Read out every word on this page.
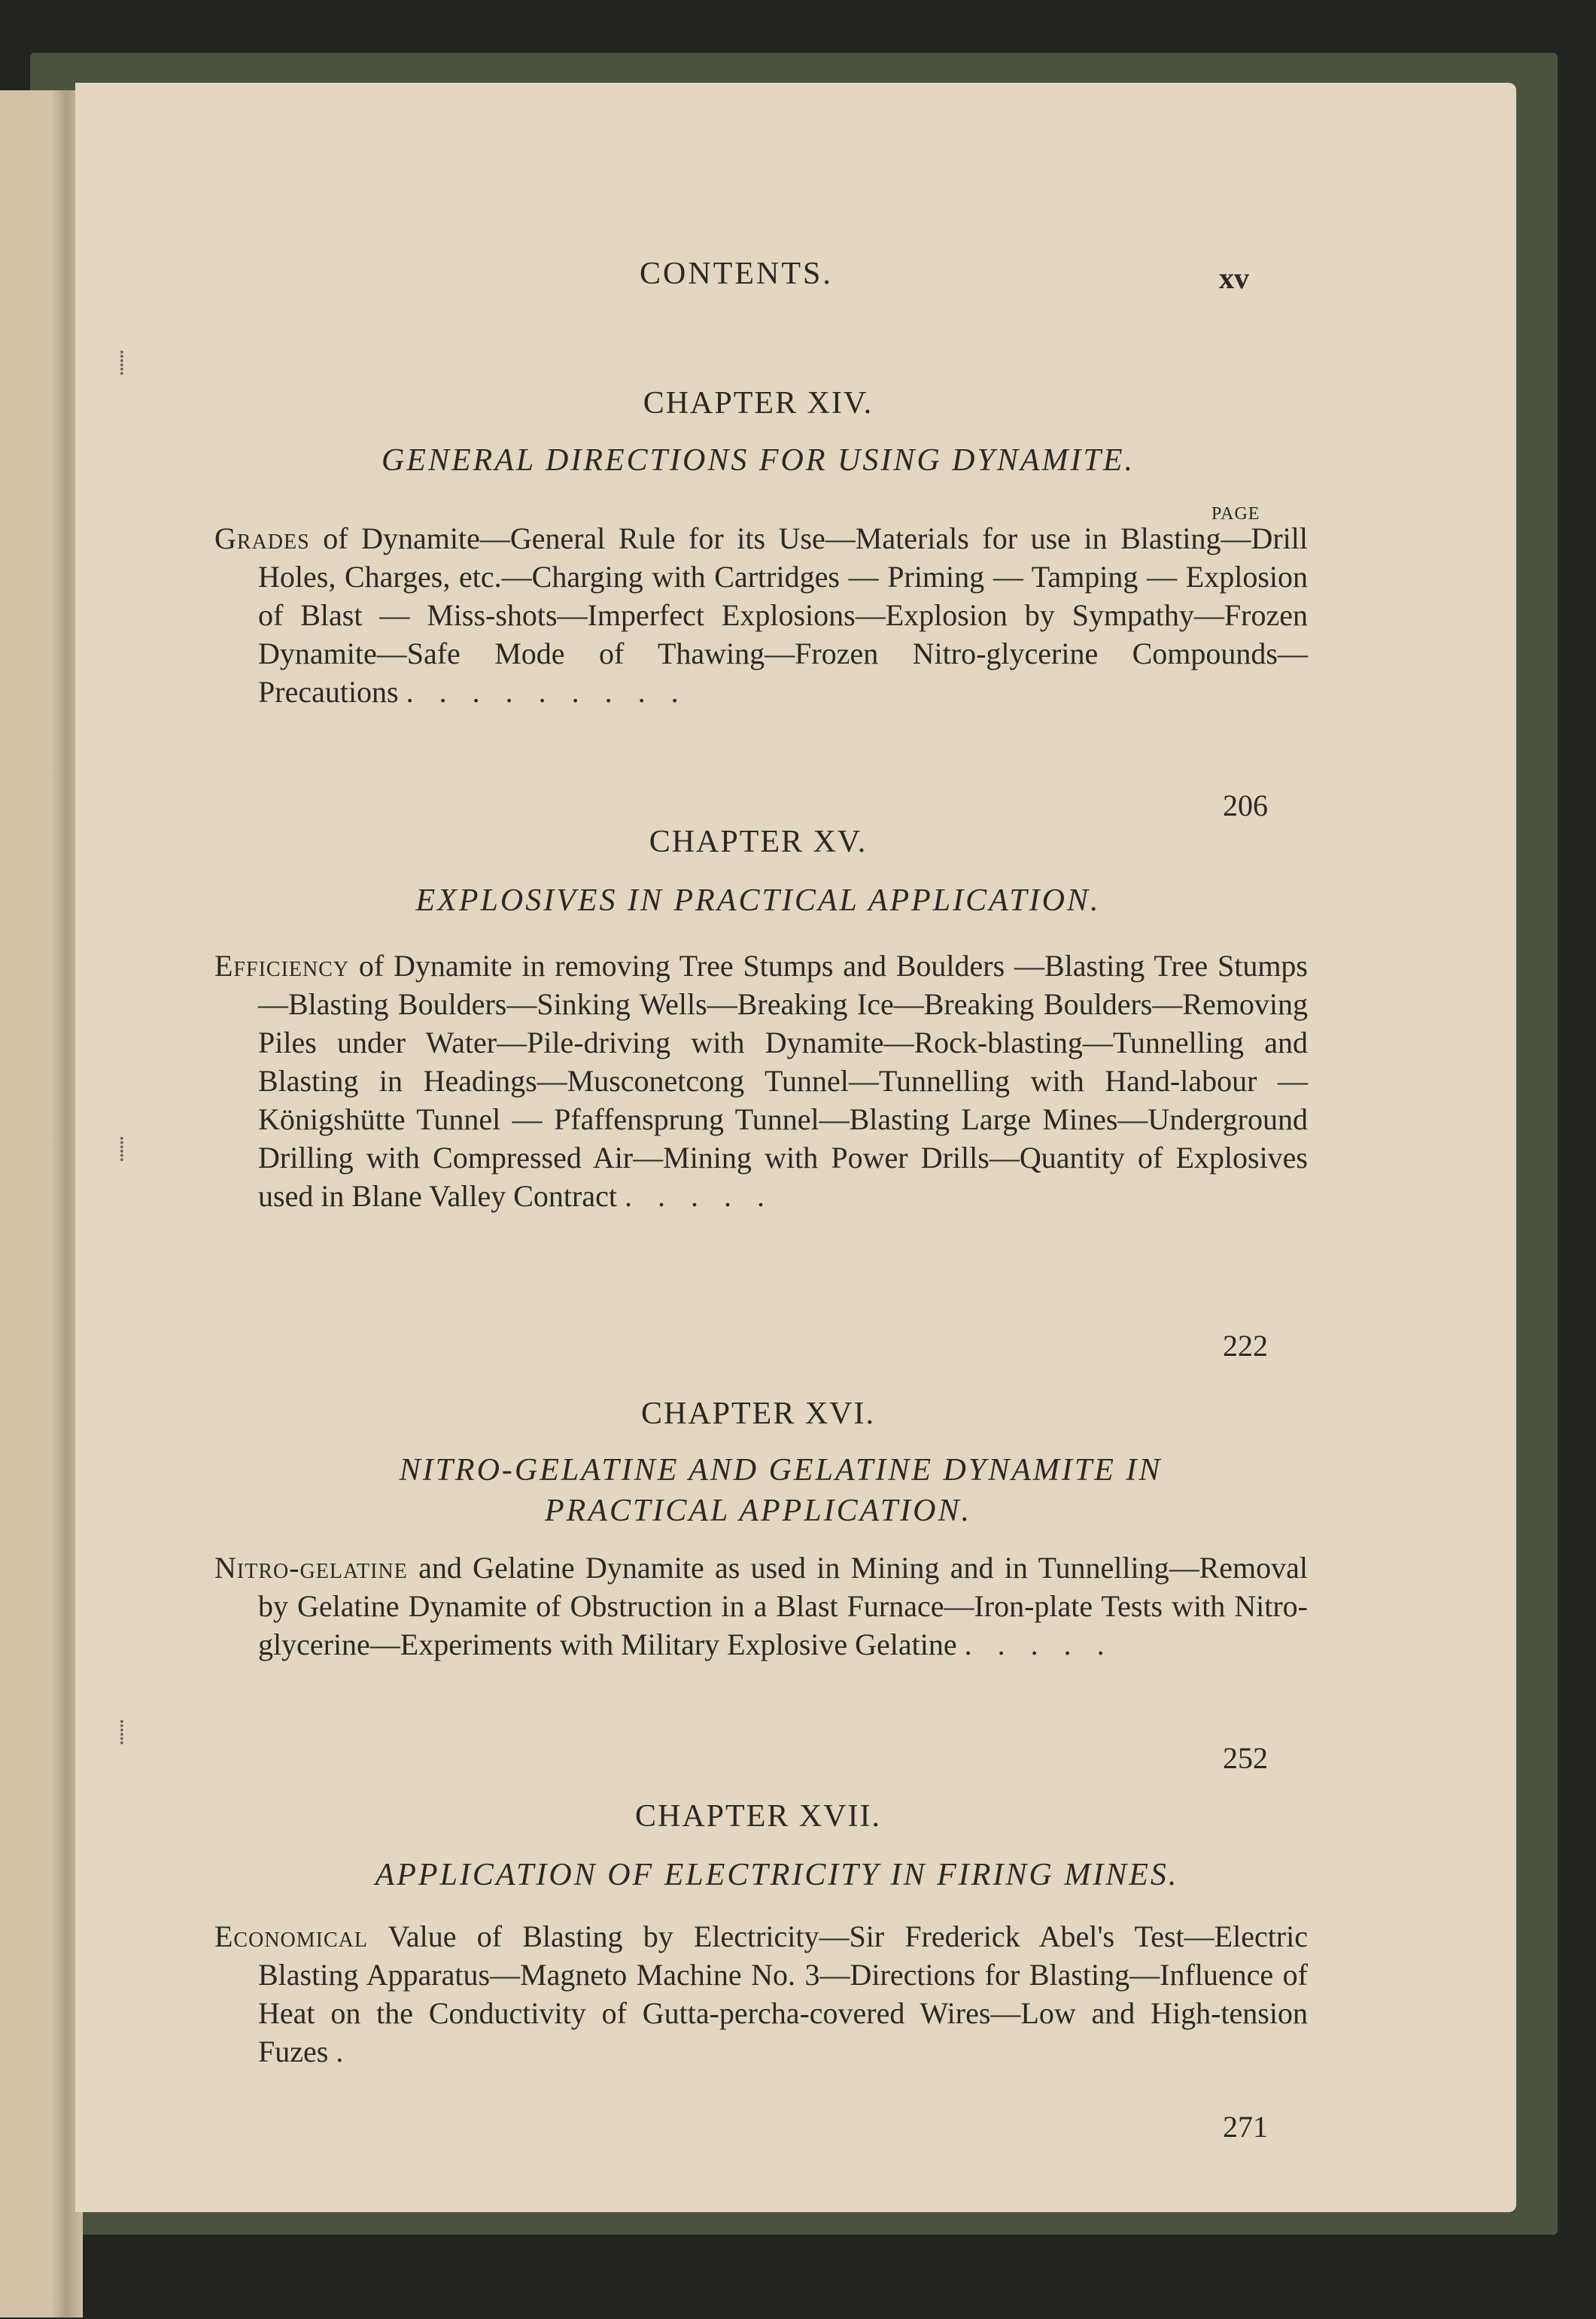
⸽
⸽
⸽
CONTENTS.	xv
CHAPTER XIV.
GENERAL DIRECTIONS FOR USING DYNAMITE.
PAGE
Grades of Dynamite—General Rule for its Use—Materials for use in Blasting—Drill Holes, Charges, etc.—Charging with Cartridges — Priming — Tamping — Explosion of Blast — Miss-shots—Imperfect Explosions—Explosion by Sympathy—Frozen Dynamite—Safe Mode of Thawing—Frozen Nitro-glycerine Compounds—Precautions .........
206
CHAPTER XV.
EXPLOSIVES IN PRACTICAL APPLICATION.
Efficiency of Dynamite in removing Tree Stumps and Boulders —Blasting Tree Stumps—Blasting Boulders—Sinking Wells—Breaking Ice—Breaking Boulders—Removing Piles under Water—Pile-driving with Dynamite—Rock-blasting—Tunnelling and Blasting in Headings—Musconetcong Tunnel—Tunnelling with Hand-labour — Königshütte Tunnel — Pfaffensprung Tunnel—Blasting Large Mines—Underground Drilling with Compressed Air—Mining with Power Drills—Quantity of Explosives used in Blane Valley Contract .....
222
CHAPTER XVI.
NITRO-GELATINE AND GELATINE DYNAMITE IN
PRACTICAL APPLICATION.
Nitro-gelatine and Gelatine Dynamite as used in Mining and in Tunnelling—Removal by Gelatine Dynamite of Obstruction in a Blast Furnace—Iron-plate Tests with Nitro-glycerine—Experiments with Military Explosive Gelatine .....
252
CHAPTER XVII.
APPLICATION OF ELECTRICITY IN FIRING MINES.
Economical Value of Blasting by Electricity—Sir Frederick Abel's Test—Electric Blasting Apparatus—Magneto Machine No. 3—Directions for Blasting—Influence of Heat on the Conductivity of Gutta-percha-covered Wires—Low and High-tension Fuzes .
271
